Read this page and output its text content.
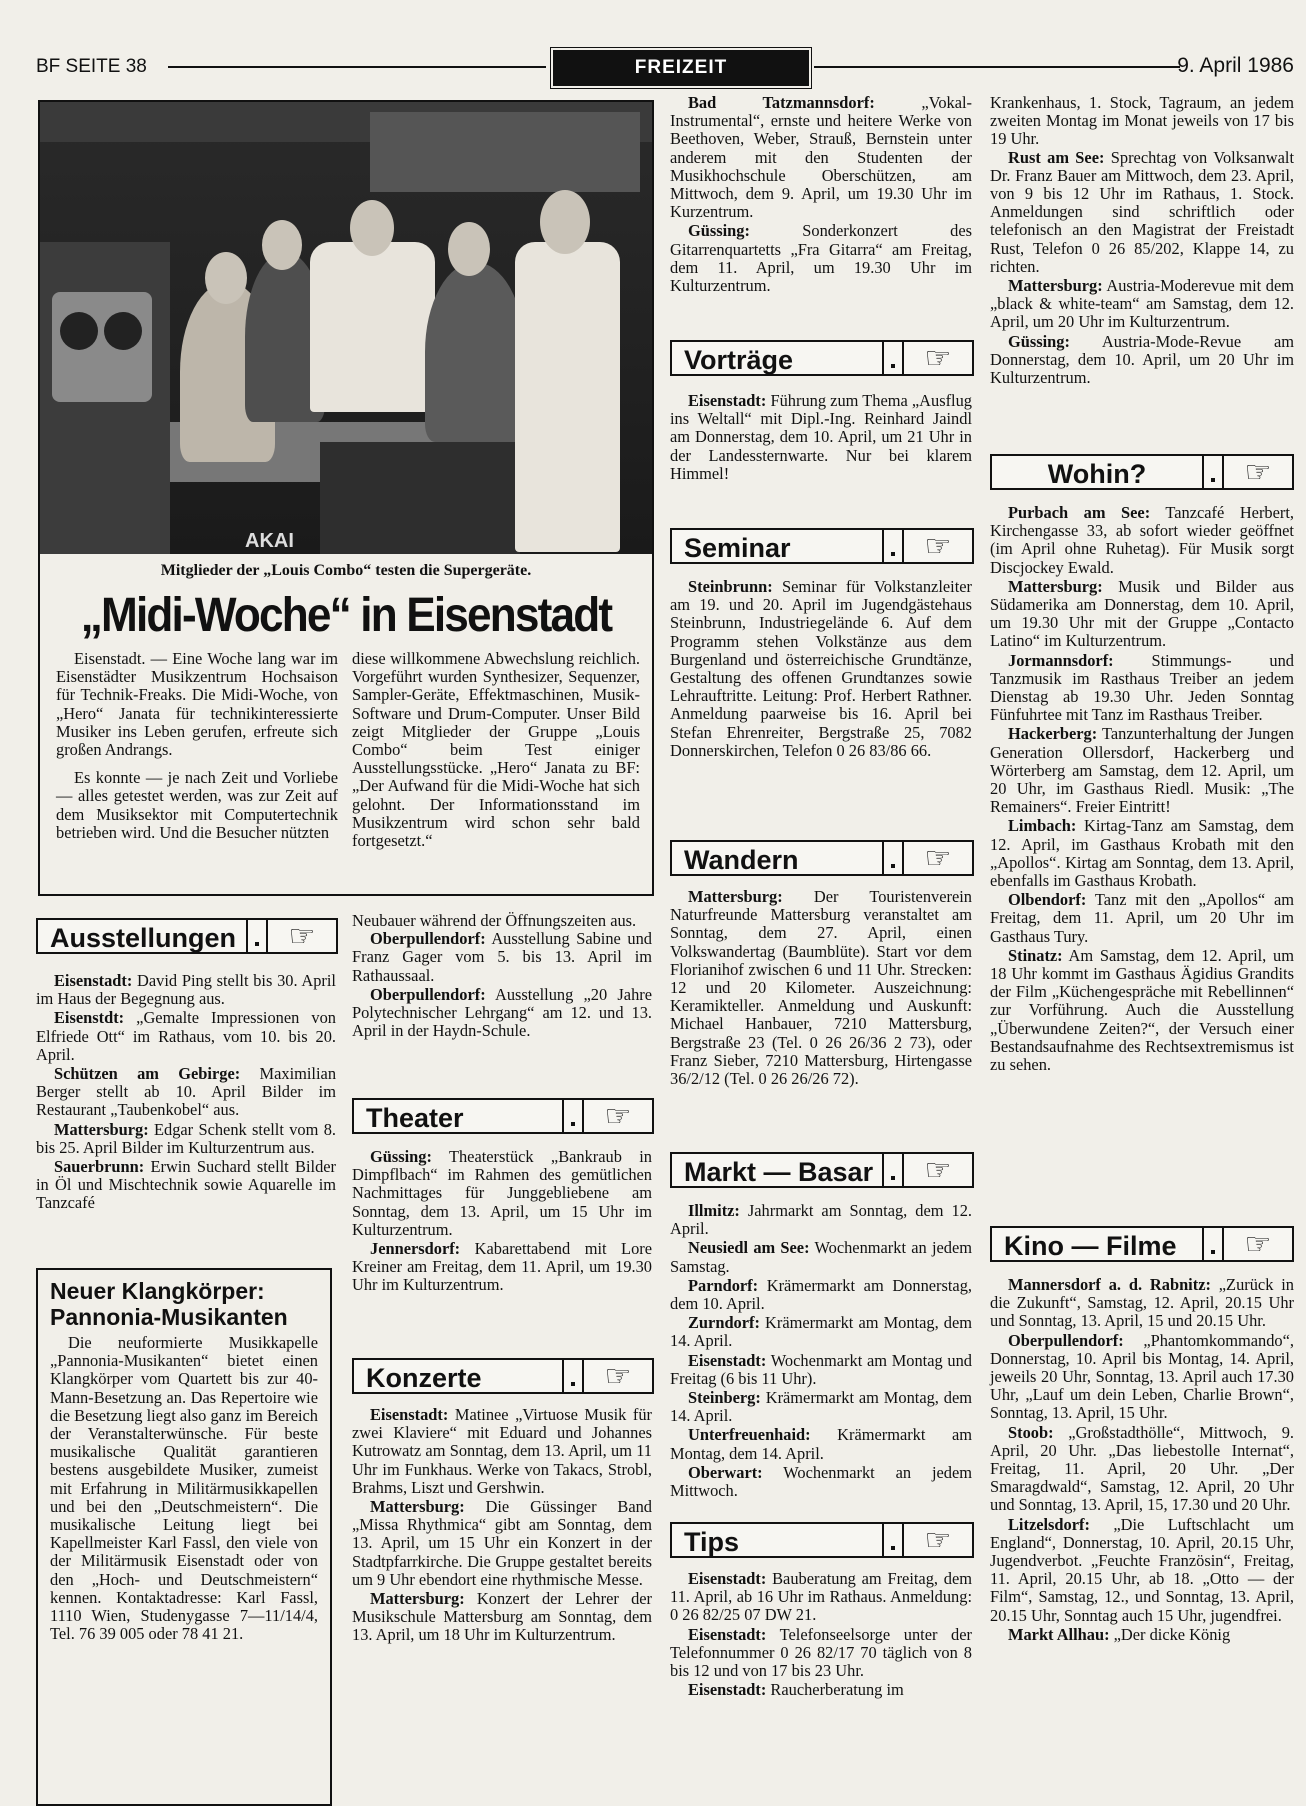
BF SEITE 38	FREIZEIT	9. April 1986
AKAI
Mitglieder der „Louis Combo“ testen die Supergeräte.
„Midi-Woche“ in Eisenstadt

Eisenstadt. — Eine Woche lang war im Eisenstädter Musikzentrum Hochsaison für Technik-Freaks. Die Midi-Woche, von „Hero“ Janata für technikinteressierte Musiker ins Leben gerufen, erfreute sich großen Andrangs.

Es konnte — je nach Zeit und Vorliebe — alles getestet werden, was zur Zeit auf dem Musiksektor mit Computertechnik betrieben wird. Und die Besucher nützten

diese willkommene Abwechslung reichlich. Vorgeführt wurden Synthesizer, Sequenzer, Sampler-Geräte, Effektmaschinen, Musik-Software und Drum-Computer. Unser Bild zeigt Mitglieder der Gruppe „Louis Combo“ beim Test einiger Ausstellungsstücke. „Hero“ Janata zu BF: „Der Aufwand für die Midi-Woche hat sich gelohnt. Der Informationsstand im Musikzentrum wird schon sehr bald fortgesetzt.“

Ausstellungen	☞

Eisenstadt: David Ping stellt bis 30. April im Haus der Begegnung aus.

Eisenstdt: „Gemalte Impressionen von Elfriede Ott“ im Rathaus, vom 10. bis 20. April.

Schützen am Gebirge: Maximilian Berger stellt ab 10. April Bilder im Restaurant „Taubenkobel“ aus.

Mattersburg: Edgar Schenk stellt vom 8. bis 25. April Bilder im Kulturzentrum aus.

Sauerbrunn: Erwin Suchard stellt Bilder in Öl und Mischtechnik sowie Aquarelle im Tanzcafé

Neuer Klangkörper: Pannonia-Musikanten

Die neuformierte Musikkapelle „Pannonia-Musikanten“ bietet einen Klangkörper vom Quartett bis zur 40-Mann-Besetzung an. Das Repertoire wie die Besetzung liegt also ganz im Bereich der Veranstalterwünsche. Für beste musikalische Qualität garantieren bestens ausgebildete Musiker, zumeist mit Erfahrung in Militärmusikkapellen und bei den „Deutschmeistern“. Die musikalische Leitung liegt bei Kapellmeister Karl Fassl, den viele von der Militärmusik Eisenstadt oder von den „Hoch- und Deutschmeistern“ kennen. Kontaktadresse: Karl Fassl, 1110 Wien, Studenygasse 7—11/14/4, Tel. 76 39 005 oder 78 41 21.

Neubauer während der Öffnungszeiten aus.

Oberpullendorf: Ausstellung Sabine und Franz Gager vom 5. bis 13. April im Rathaussaal.

Oberpullendorf: Ausstellung „20 Jahre Polytechnischer Lehrgang“ am 12. und 13. April in der Haydn-Schule.

Theater	☞

Güssing: Theaterstück „Bankraub in Dimpflbach“ im Rahmen des gemütlichen Nachmittages für Junggebliebene am Sonntag, dem 13. April, um 15 Uhr im Kulturzentrum.

Jennersdorf: Kabarettabend mit Lore Kreiner am Freitag, dem 11. April, um 19.30 Uhr im Kulturzentrum.

Konzerte	☞

Eisenstadt: Matinee „Virtuose Musik für zwei Klaviere“ mit Eduard und Johannes Kutrowatz am Sonntag, dem 13. April, um 11 Uhr im Funkhaus. Werke von Takacs, Strobl, Brahms, Liszt und Gershwin.

Mattersburg: Die Güssinger Band „Missa Rhythmica“ gibt am Sonntag, dem 13. April, um 15 Uhr ein Konzert in der Stadtpfarrkirche. Die Gruppe gestaltet bereits um 9 Uhr ebendort eine rhythmische Messe.

Mattersburg: Konzert der Lehrer der Musikschule Mattersburg am Sonntag, dem 13. April, um 18 Uhr im Kulturzentrum.

Bad Tatzmannsdorf: „Vokal-Instrumental“, ernste und heitere Werke von Beethoven, Weber, Strauß, Bernstein unter anderem mit den Studenten der Musikhochschule Oberschützen, am Mittwoch, dem 9. April, um 19.30 Uhr im Kurzentrum.

Güssing: Sonderkonzert des Gitarrenquartetts „Fra Gitarra“ am Freitag, dem 11. April, um 19.30 Uhr im Kulturzentrum.

Vorträge	☞

Eisenstadt: Führung zum Thema „Ausflug ins Weltall“ mit Dipl.-Ing. Reinhard Jaindl am Donnerstag, dem 10. April, um 21 Uhr in der Landessternwarte. Nur bei klarem Himmel!

Seminar	☞

Steinbrunn: Seminar für Volkstanzleiter am 19. und 20. April im Jugendgästehaus Steinbrunn, Industriegelände 6. Auf dem Programm stehen Volkstänze aus dem Burgenland und österreichische Grundtänze, Gestaltung des offenen Grundtanzes sowie Lehrauftritte. Leitung: Prof. Herbert Rathner. Anmeldung paarweise bis 16. April bei Stefan Ehrenreiter, Bergstraße 25, 7082 Donnerskirchen, Telefon 0 26 83/86 66.

Wandern	☞

Mattersburg: Der Touristenverein Naturfreunde Mattersburg veranstaltet am Sonntag, dem 27. April, einen Volkswandertag (Baumblüte). Start vor dem Florianihof zwischen 6 und 11 Uhr. Strecken: 12 und 20 Kilometer. Auszeichnung: Keramikteller. Anmeldung und Auskunft: Michael Hanbauer, 7210 Mattersburg, Bergstraße 23 (Tel. 0 26 26/36 2 73), oder Franz Sieber, 7210 Mattersburg, Hirtengasse 36/2/12 (Tel. 0 26 26/26 72).

Markt — Basar	☞

Illmitz: Jahrmarkt am Sonntag, dem 12. April.

Neusiedl am See: Wochenmarkt an jedem Samstag.

Parndorf: Krämermarkt am Donnerstag, dem 10. April.

Zurndorf: Krämermarkt am Montag, dem 14. April.

Eisenstadt: Wochenmarkt am Montag und Freitag (6 bis 11 Uhr).

Steinberg: Krämermarkt am Montag, dem 14. April.

Unterfreuenhaid: Krämermarkt am Montag, dem 14. April.

Oberwart: Wochenmarkt an jedem Mittwoch.

Tips	☞

Eisenstadt: Bauberatung am Freitag, dem 11. April, ab 16 Uhr im Rathaus. Anmeldung: 0 26 82/25 07 DW 21.

Eisenstadt: Telefonseelsorge unter der Telefonnummer 0 26 82/17 70 täglich von 8 bis 12 und von 17 bis 23 Uhr.

Eisenstadt: Raucherberatung im

Krankenhaus, 1. Stock, Tagraum, an jedem zweiten Montag im Monat jeweils von 17 bis 19 Uhr.

Rust am See: Sprechtag von Volksanwalt Dr. Franz Bauer am Mittwoch, dem 23. April, von 9 bis 12 Uhr im Rathaus, 1. Stock. Anmeldungen sind schriftlich oder telefonisch an den Magistrat der Freistadt Rust, Telefon 0 26 85/202, Klappe 14, zu richten.

Mattersburg: Austria-Moderevue mit dem „black & white-team“ am Samstag, dem 12. April, um 20 Uhr im Kulturzentrum.

Güssing: Austria-Mode-Revue am Donnerstag, dem 10. April, um 20 Uhr im Kulturzentrum.

Wohin?	☞

Purbach am See: Tanzcafé Herbert, Kirchengasse 33, ab sofort wieder geöffnet (im April ohne Ruhetag). Für Musik sorgt Discjockey Ewald.

Mattersburg: Musik und Bilder aus Südamerika am Donnerstag, dem 10. April, um 19.30 Uhr mit der Gruppe „Contacto Latino“ im Kulturzentrum.

Jormannsdorf: Stimmungs- und Tanzmusik im Rasthaus Treiber an jedem Dienstag ab 19.30 Uhr. Jeden Sonntag Fünfuhrtee mit Tanz im Rasthaus Treiber.

Hackerberg: Tanzunterhaltung der Jungen Generation Ollersdorf, Hackerberg und Wörterberg am Samstag, dem 12. April, um 20 Uhr, im Gasthaus Riedl. Musik: „The Remainers“. Freier Eintritt!

Limbach: Kirtag-Tanz am Samstag, dem 12. April, im Gasthaus Krobath mit den „Apollos“. Kirtag am Sonntag, dem 13. April, ebenfalls im Gasthaus Krobath.

Olbendorf: Tanz mit den „Apollos“ am Freitag, dem 11. April, um 20 Uhr im Gasthaus Tury.

Stinatz: Am Samstag, dem 12. April, um 18 Uhr kommt im Gasthaus Ägidius Grandits der Film „Küchengespräche mit Rebellinnen“ zur Vorführung. Auch die Ausstellung „Überwundene Zeiten?“, der Versuch einer Bestandsaufnahme des Rechtsextremismus ist zu sehen.

Kino — Filme	☞

Mannersdorf a. d. Rabnitz: „Zurück in die Zukunft“, Samstag, 12. April, 20.15 Uhr und Sonntag, 13. April, 15 und 20.15 Uhr.

Oberpullendorf: „Phantomkommando“, Donnerstag, 10. April bis Montag, 14. April, jeweils 20 Uhr, Sonntag, 13. April auch 17.30 Uhr, „Lauf um dein Leben, Charlie Brown“, Sonntag, 13. April, 15 Uhr.

Stoob: „Großstadthölle“, Mittwoch, 9. April, 20 Uhr. „Das liebestolle Internat“, Freitag, 11. April, 20 Uhr. „Der Smaragdwald“, Samstag, 12. April, 20 Uhr und Sonntag, 13. April, 15, 17.30 und 20 Uhr.

Litzelsdorf: „Die Luftschlacht um England“, Donnerstag, 10. April, 20.15 Uhr, Jugendverbot. „Feuchte Französin“, Freitag, 11. April, 20.15 Uhr, ab 18. „Otto — der Film“, Samstag, 12., und Sonntag, 13. April, 20.15 Uhr, Sonntag auch 15 Uhr, jugendfrei.

Markt Allhau: „Der dicke König
